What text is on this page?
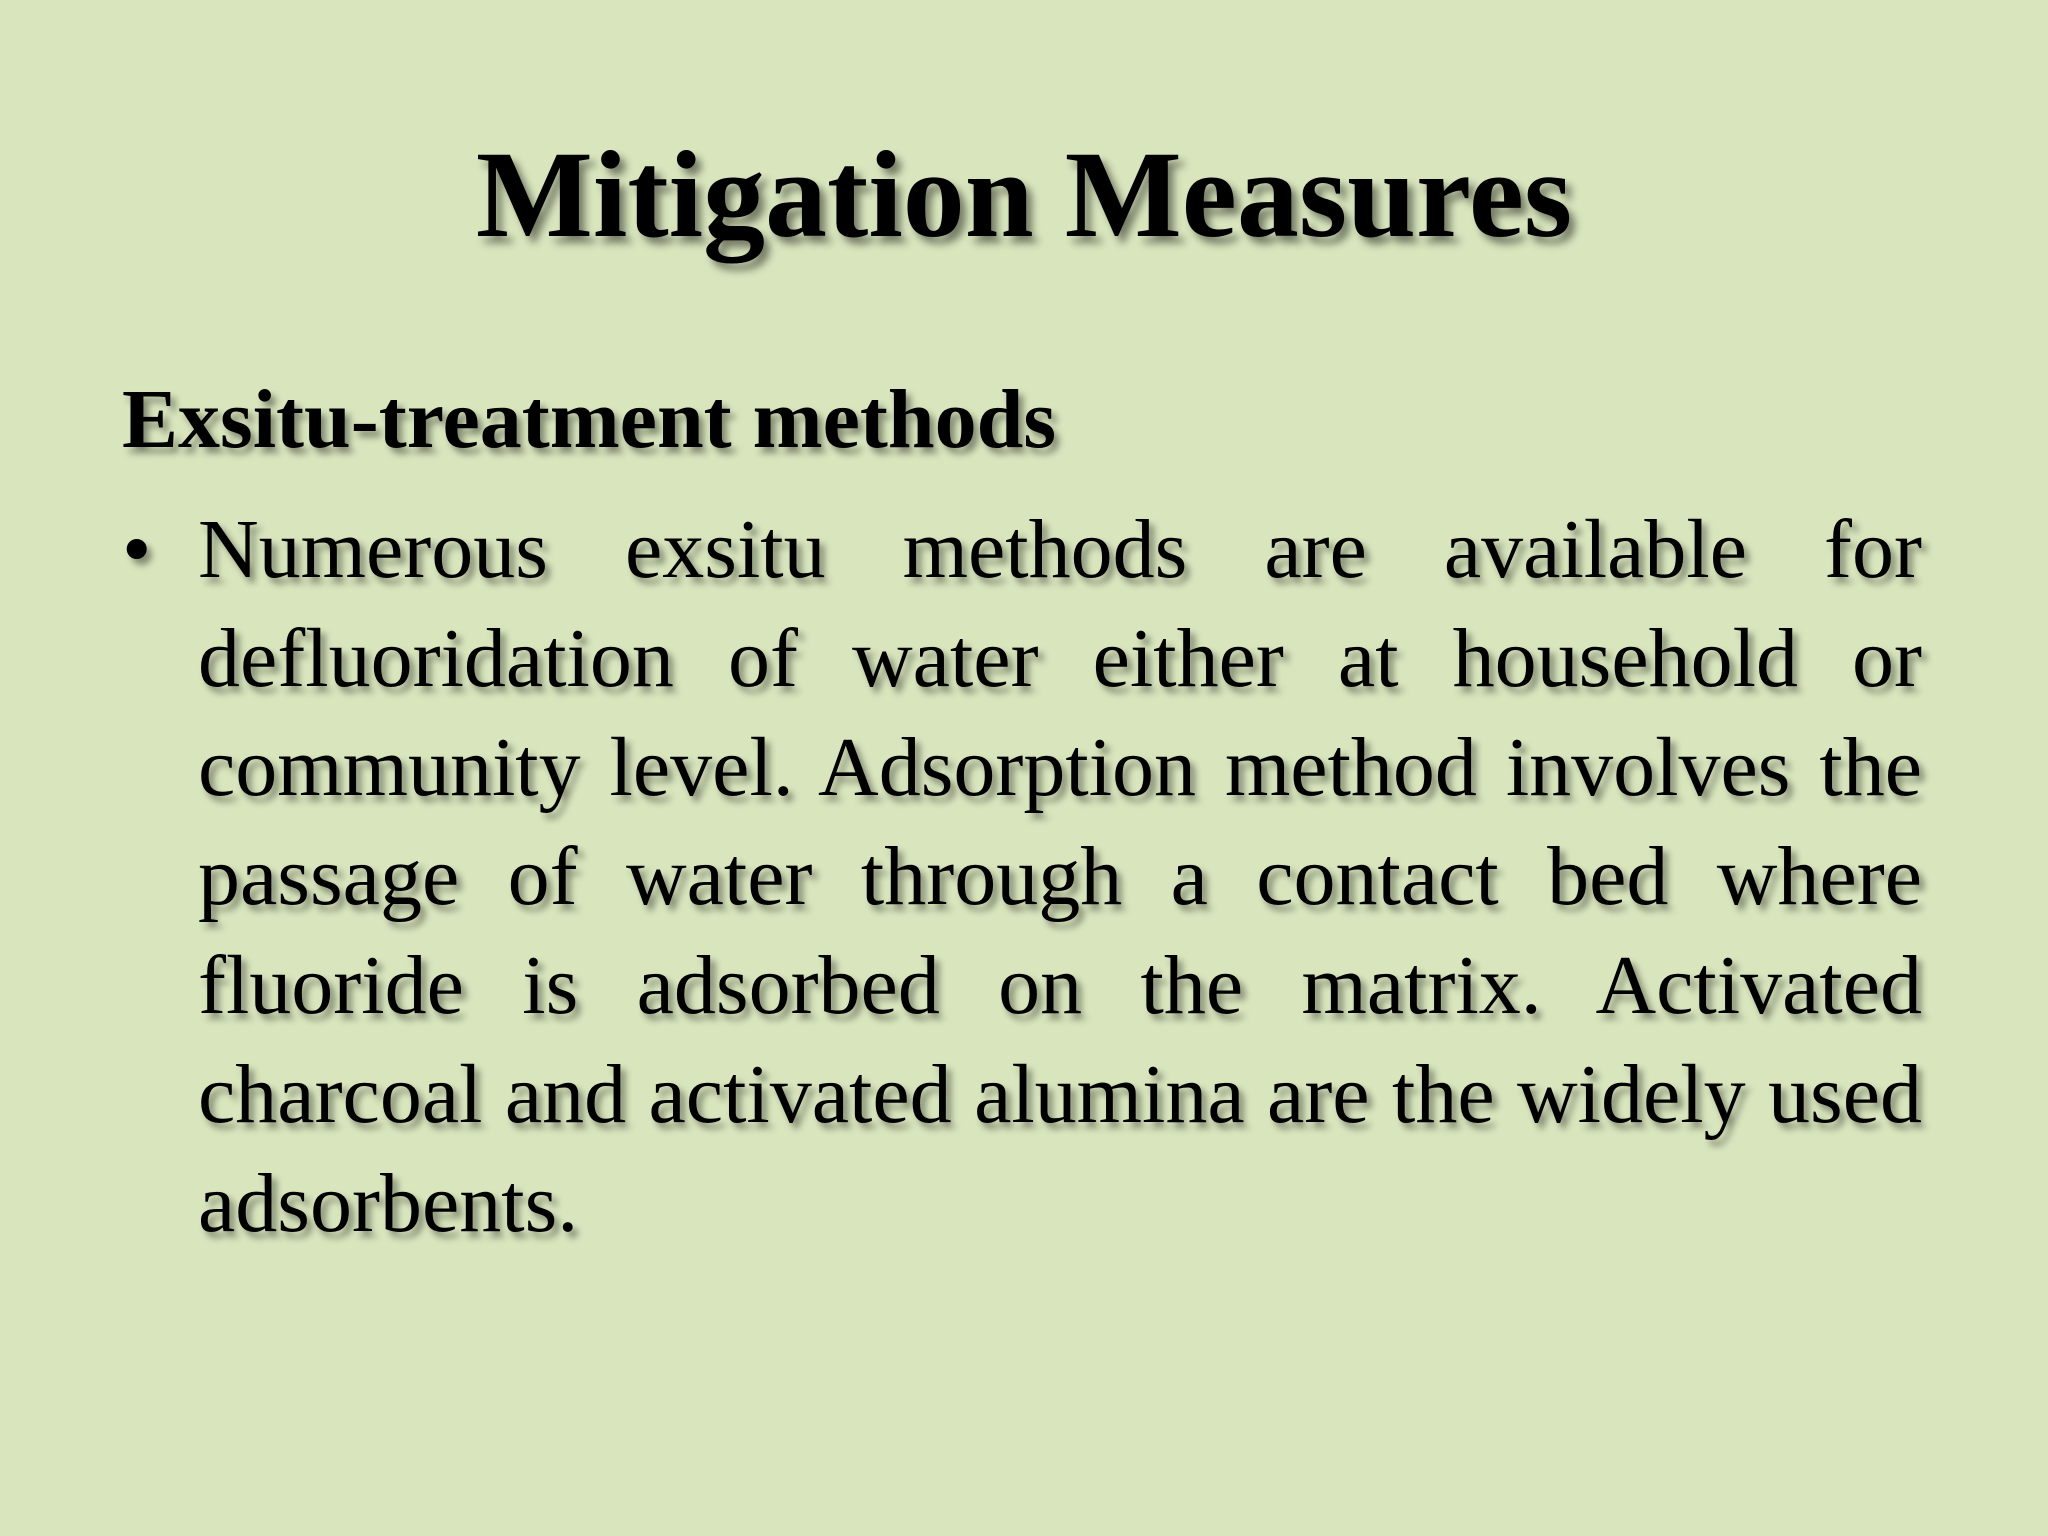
Mitigation Measures
Exsitu-treatment methods
• Numerous exsitu methods are available for defluoridation of water either at household or community level. Adsorption method involves the passage of water through a contact bed where fluoride is adsorbed on the matrix. Activated charcoal and activated alumina are the widely used adsorbents.
